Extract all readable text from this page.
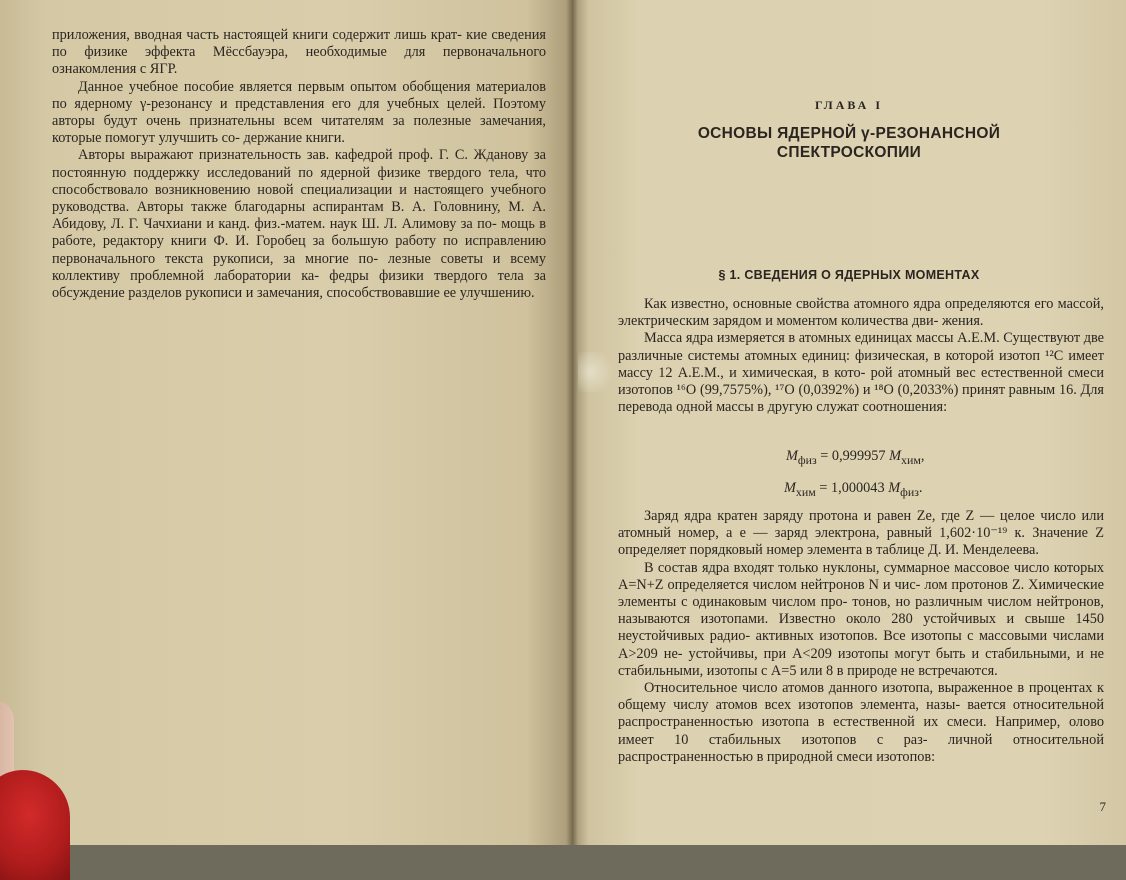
приложения, вводная часть настоящей книги содержит лишь крат- кие сведения по физике эффекта Мёссбауэра, необходимые для первоначального ознакомления с ЯГР.

Данное учебное пособие является первым опытом обобщения материалов по ядерному γ-резонансу и представления его для учебных целей. Поэтому авторы будут очень признательны всем читателям за полезные замечания, которые помогут улучшить со- держание книги.

Авторы выражают признательность зав. кафедрой проф. Г. С. Жданову за постоянную поддержку исследований по ядерной физике твердого тела, что способствовало возникновению новой специализации и настоящего учебного руководства. Авторы также благодарны аспирантам В. А. Головнину, М. А. Абидову, Л. Г. Чачхиани и канд. физ.-матем. наук Ш. Л. Алимову за по- мощь в работе, редактору книги Ф. И. Горобец за большую работу по исправлению первоначального текста рукописи, за многие по- лезные советы и всему коллективу проблемной лаборатории ка- федры физики твердого тела за обсуждение разделов рукописи и замечания, способствовавшие ее улучшению.

ГЛАВА I
ОСНОВЫ ЯДЕРНОЙ γ-РЕЗОНАНСНОЙ
СПЕКТРОСКОПИИ
§ 1. СВЕДЕНИЯ О ЯДЕРНЫХ МОМЕНТАХ

Как известно, основные свойства атомного ядра определяются его массой, электрическим зарядом и моментом количества дви- жения.

Масса ядра измеряется в атомных единицах массы А.Е.М. Существуют две различные системы атомных единиц: физическая, в которой изотоп ¹²C имеет массу 12 А.Е.М., и химическая, в кото- рой атомный вес естественной смеси изотопов ¹⁶O (99,7575%), ¹⁷O (0,0392%) и ¹⁸O (0,2033%) принят равным 16. Для перевода одной массы в другую служат соотношения:

$M_{физ} = 0,999957$ $M_{хим}$,
$M_{хим} = 1,000043$ $M_{физ}$.

Заряд ядра кратен заряду протона и равен Ze, где Z — целое число или атомный номер, а e — заряд электрона, равный 1,602·10⁻¹⁹ к. Значение Z определяет порядковый номер элемента в таблице Д. И. Менделеева.

В состав ядра входят только нуклоны, суммарное массовое число которых A=N+Z определяется числом нейтронов N и чис- лом протонов Z. Химические элементы с одинаковым числом про- тонов, но различным числом нейтронов, называются изотопами. Известно около 280 устойчивых и свыше 1450 неустойчивых радио- активных изотопов. Все изотопы с массовыми числами A>209 не- устойчивы, при A<209 изотопы могут быть и стабильными, и не стабильными, изотопы с A=5 или 8 в природе не встречаются.

Относительное число атомов данного изотопа, выраженное в процентах к общему числу атомов всех изотопов элемента, назы- вается относительной распространенностью изотопа в естественной их смеси. Например, олово имеет 10 стабильных изотопов с раз- личной относительной распространенностью в природной смеси изотопов:

7
